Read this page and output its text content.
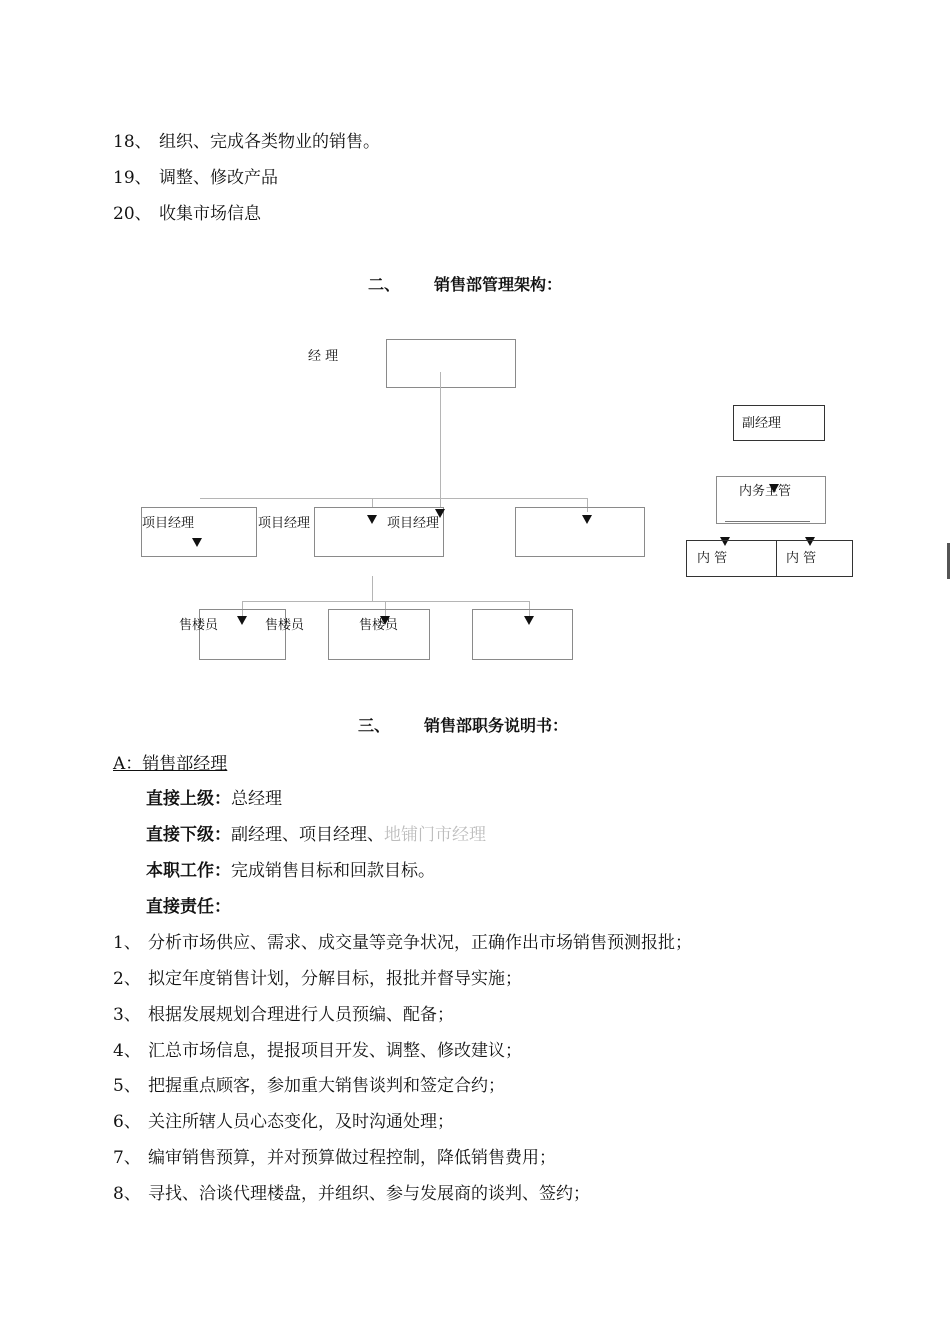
18、 组织、完成各类物业的销售。
19、 调整、修改产品
20、 收集市场信息
二、 销售部管理架构：
经 理
项目经理	项目经理	项目经理
售楼员	售楼员	售楼员
副经理
内务主管
内 管	内 管
三、 销售部职务说明书：
A：销售部经理
直接上级：总经理
直接下级：副经理、项目经理、地铺门市经理
本职工作：完成销售目标和回款目标。
直接责任：
1、 分析市场供应、需求、成交量等竞争状况，正确作出市场销售预测报批；
2、 拟定年度销售计划，分解目标，报批并督导实施；
3、 根据发展规划合理进行人员预编、配备；
4、 汇总市场信息，提报项目开发、调整、修改建议；
5、 把握重点顾客，参加重大销售谈判和签定合约；
6、 关注所辖人员心态变化，及时沟通处理；
7、 编审销售预算，并对预算做过程控制，降低销售费用；
8、 寻找、洽谈代理楼盘，并组织、参与发展商的谈判、签约；
